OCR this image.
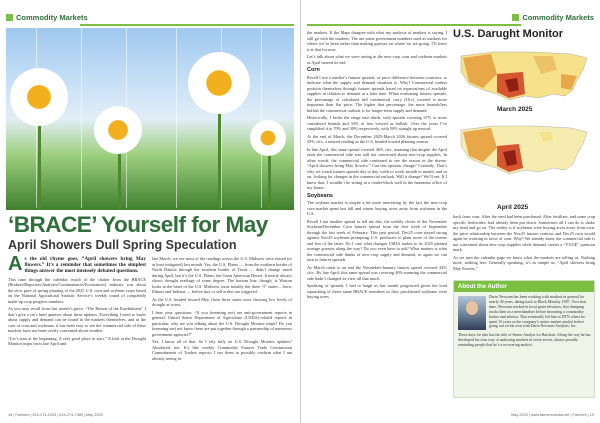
Commodity Markets
‘BRACE’ Yourself for May
April Showers Dull Spring Speculation

As the old rhyme goes, “April showers bring May flowers.” It’s a reminder that sometimes the simplest things answer the most intensely debated questions.

This time through the calendar, much of the chatter from the BRACE (Brokers/Reporters/Analysts/Commentators/Economists) industry was about the slow pace of spring planting of the 2025 U.S. corn and soybean crops based on the National Agricultural Statistic Service’s weekly round of completely made-up crop progress numbers.

As you may recall from last month’s piece, “The Return of the Kardashians” I don’t give a rat’s hind quarters about these updates. Everything I need to know about supply and demand can be found in the markets themselves, and in the case of corn and soybeans, it has been easy to see the commercial side of these markets have not been overly concerned about weather.

“Let’s start at the beginning. A very good place to start.” A look at the Drought Monitor maps from late April and

late March, we see most of the readings across the U.S. Midwest were erased (or at least mitigated) last month. Yes, the U.S. Plains — from the northern border of North Dakota through the southern border of Texas — didn’t change much during April, but it’s the U.S. Plains, the Great American Desert. It nearly always shows drought readings of some degree. The bottom line, though, is Watson looks at the heart of the U.S. Midwest, most notably the three “I” states – Iowa, Illinois and Indiana — before buy or sell orders are triggered.

As the U.S. headed toward May, those three states were showing low levels of drought at worst.

I hear your questions: “If you (meaning me) are anti-government reports in general, United States Department of Agriculture (USDA)-related reports in particular, why are you talking about the U.S. Drought Monitor maps? Do you (meaning me) not know these are put together through a partnership of numerous government agencies?”

Yes, I know all of that. So I rely fully on U.S. Drought Monitor updates? Absolutely not. It’s like weekly Commodity Futures Trade Commission Commitments of Traders reports; I use them to possibly confirm what I am already seeing in

18 | Farmers | 515-274-2333 | 515-274-7389 | May 2025
Commodity Markets

the markets. If the Maps disagree with what my analysis of markets is saying, I still go with the markets. The are some government numbers used as markets for where we’ve been rather than making guesses on where we are going. I’ll leave it at that for now.

Let’s talk about what we were seeing in the new-crop corn and soybean markets as April neared its end.

Corn

Recall I use a market’s futures spreads, or price difference between contracts, to indicate what the supply and demand situation is. Why? Commercial traders position themselves through futures spreads based on expectations of available supplies in relation to demand at a later date. When evaluating futures spreads, the percentage of calculated full commercial carry (JJcc) covered is more important than flat price. The higher that percentage, the more bearish/less bullish the commercial outlook is for longer-term supply and demand.

Historically, I broke the range into thirds, with spreads covering 67% or more considered bearish and 33% or less viewed as bullish. Over the years I’ve simplified it to 70% and 30% respectively, with 50% straight up neutral.

At the end of March, the December 2025-March 2026 futures spread covered 45% cfcc, a neutral reading as the U.S. headed toward planting season.

In late April, this same spread covered 46% cfcc, meaning that despite the April rains the commercial side was still not concerned about new-crop supplies. In other words, the commercial side continued to see the reason in the rhyme: “April showers bring May flowers.” Can this opinion change? Certainly. That’s why we watch futures spreads day to day, week to week, month to month, and so on, looking for changes in the commercial outlook. Will it change? We’ll see. If I knew that, I wouldn’t be sitting at a cinder-block wall in the basement office of my house.

Soybeans

The soybean market is maybe a bit more interesting by the fact the new-crop corn market spent last fall and winter buying acres away from soybeans in the U.S.

Recall I use another spread to tell me this, the weekly closes of the November Soybean/December Corn futures spread from the first week of September through the last week of February. This past period, Dec25 corn stayed strong against Nov25 soybeans prompting U.S. producers to plant more of the former and less of the latter. Do I care what changes USDA makes to its 2025 planted acreage guesses along the way? Do you even have to ask? What matters is what the commercial side thinks of new-crop supply and demand, so again we can turn to futures spreads.

As March came to an end the November-January futures spread covered 44% cfcc. By late April, this same spread was covering 46% meaning the commercial side hadn’t changed its view all that much.

Speaking of spreads, I had to laugh as last month progressed given the loud squawking of those same BRACE members as they proclaimed soybeans were buying acres

U.S. Darught Monitor
March 2025
April 2025

back from corn. After the seed had been purchased. After fertilizer, and some crop specific herbicides, had already been put down. Sometimes all I can do is shake my head and go on. The reality is if soybeans were buying acres away from corn, the price relationship between the Nov25 futures contract and Dec25 corn would again be working in favor of corn. Why? We already know the commercial side is not concerned about new-crop supplies while demand carries a “YUGE” question mark.

As we turn the calendar page we know what the markets are telling us. Nothing more, nothing less. Generally speaking, it’s as simple as, “April showers bring May flowers.”

About the Author
Darin Newsom has been working with markets in general for nearly 40 years, dating back to Black Monday 1987. Over that time, Newsom worked in local grain elevators, first dumping trucks then as a merchandiser before becoming a commodity broker and advisor. That eventually led him to DTN where he spent 15 years as the company’s senior market analyst before going out on his own with Darin Newsom Analysis, Inc.
These days, he also has the title of Senior Analyst for Barchart. Along the way he has developed his own way of analyzing markets in every sector, always proudly reminding people that he’s a recovering analyst.
May 2025 | www.farmersmedia.net | Farmers | 19
